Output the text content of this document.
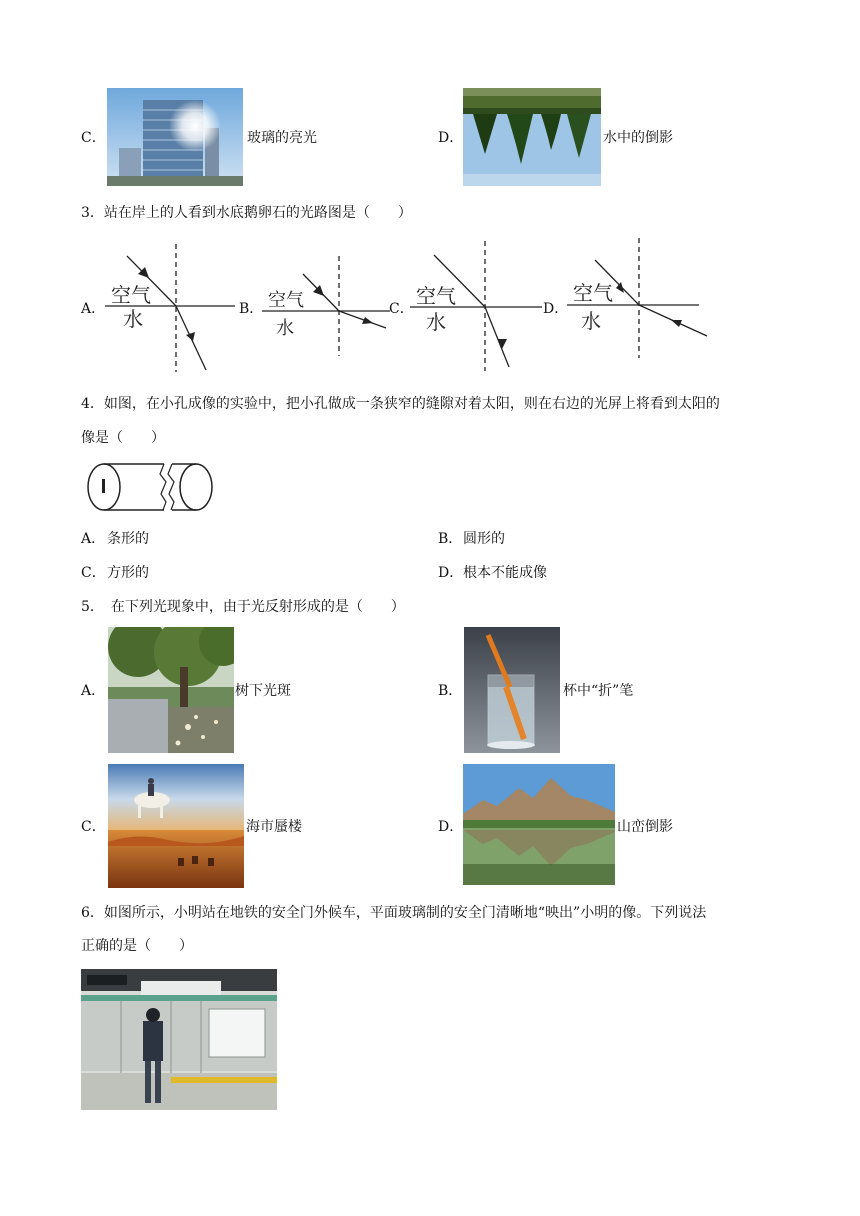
C．	玻璃的亮光	D．	水中的倒影
3．站在岸上的人看到水底鹅卵石的光路图是（　　）
A．
空气
水	B． 空气
水
C．
空气
水
D．
空气
水
4．如图，在小孔成像的实验中，把小孔做成一条狭窄的缝隙对着太阳，则在右边的光屏上将看到太阳的
像是（　　）
A． 条形的	B． 圆形的
C． 方形的	D． 根本不能成像
5．　在下列光现象中，由于光反射形成的是（　　）
A．	树下光斑	B．	杯中“折”笔
C．	海市蜃楼	D．	山峦倒影
6．如图所示，小明站在地铁的安全门外候车，平面玻璃制的安全门清晰地“映出”小明的像。下列说法
正确的是（　　）
